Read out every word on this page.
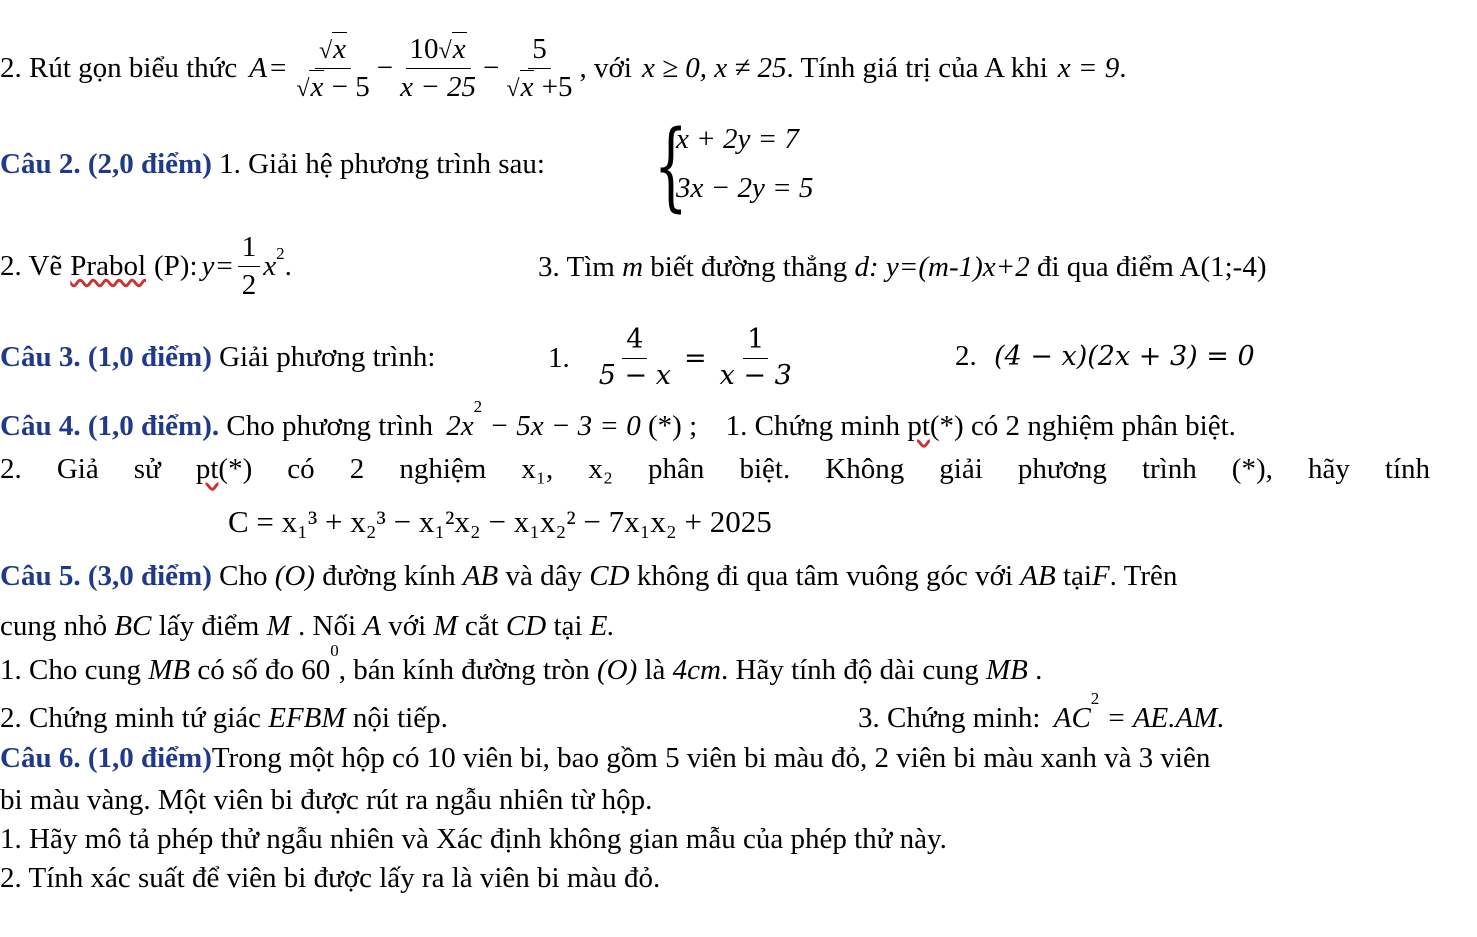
2. Rút gọn biểu thức $A = \frac{√x}{√x - 5} - \frac{10√x}{x - 25} - \frac{5}{√x +5}$ , với x ≥ 0, x ≠ 25 . Tính giá trị của A khi x = 9 .
Câu 2. (2,0 điểm) 1. Giải hệ phương trình sau: {
x + 2y = 7
3x − 2y = 5
2. Vẽ Prabol (P): $y = \frac{1}{2} x^2$ .	3. Tìm m biết đường thẳng d: y=(m-1)x+2 đi qua điểm A(1;-4)
Câu 3. (1,0 điểm) Giải phương trình:	1. $\frac{4}{5 - x} = \frac{1}{x - 3}$	2. (4 − x)(2x + 3) = 0
Câu 4. (1,0 điểm). Cho phương trình $2x^2 - 5x - 3 = 0$ (*) ; 1. Chứng minh pt(*) có 2 nghiệm phân biệt.
2. Giả sử pt(*) có 2 nghiệm x₁, x₂ phân biệt. Không giải phương trình (*), hãy tính
C = x₁³ + x₂³ − x₁²x₂ − x₁x₂² − 7x₁x₂ + 2025
Câu 5. (3,0 điểm) Cho (O) đường kính AB và dây CD không đi qua tâm vuông góc với AB tạiF. Trên
cung nhỏ BC lấy điểm M . Nối A với M cắt CD tại E.
1. Cho cung MB có số đo $60^0$, bán kính đường tròn (O) là 4cm. Hãy tính độ dài cung MB .
2. Chứng minh tứ giác EFBM nội tiếp.	3. Chứng minh: $AC^2 = AE.AM$.
Câu 6. (1,0 điểm)Trong một hộp có 10 viên bi, bao gồm 5 viên bi màu đỏ, 2 viên bi màu xanh và 3 viên
bi màu vàng. Một viên bi được rút ra ngẫu nhiên từ hộp.
1. Hãy mô tả phép thử ngẫu nhiên và Xác định không gian mẫu của phép thử này.
2. Tính xác suất để viên bi được lấy ra là viên bi màu đỏ.
